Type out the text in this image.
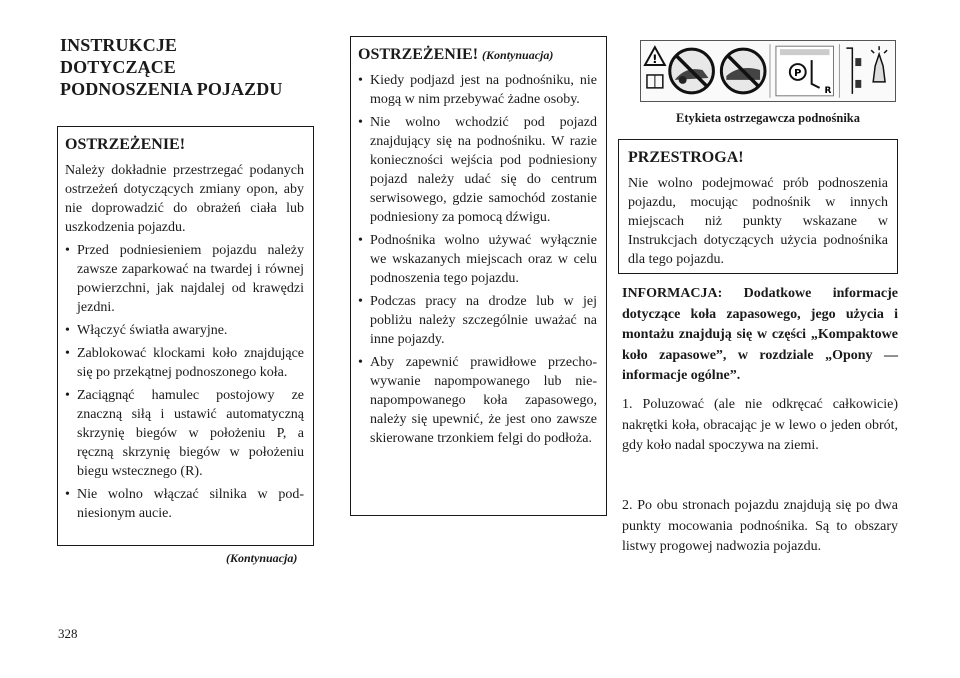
INSTRUKCJE
DOTYCZĄCE
PODNOSZENIA POJAZDU
OSTRZEŻENIE!
Należy dokładnie przestrzegać podanych ostrzeżeń dotyczących zmiany opon, aby nie doprowadzić do obrażeń ciała lub uszkodzenia pojazdu.
• Przed podniesieniem pojazdu należy zawsze zaparkować na twardej i równej powierzchni, jak najdalej od krawędzi jezdni.
• Włączyć światła awaryjne.
• Zablokować klockami koło znajdujące się po przekątnej podnoszonego koła.
• Zaciągnąć hamulec postojowy ze znaczną siłą i ustawić automatyczną skrzynię biegów w położeniu P, a ręczną skrzynię biegów w położeniu biegu wstecznego (R).
• Nie wolno włączać silnika w podniesionym aucie.
(Kontynuacja)
OSTRZEŻENIE! (Kontynuacja)
• Kiedy podjazd jest na podnośniku, nie mogą w nim przebywać żadne osoby.
• Nie wolno wchodzić pod pojazd znajdujący się na podnośniku. W razie konieczności wejścia pod podniesiony pojazd należy udać się do centrum serwisowego, gdzie samochód zostanie podniesiony za pomocą dźwigu.
• Podnośnika wolno używać wyłącznie we wskazanych miejscach oraz w celu podnoszenia tego pojazdu.
• Podczas pracy na drodze lub w jej pobliżu należy szczególnie uważać na inne pojazdy.
• Aby zapewnić prawidłowe przechowywanie napompowanego lub nienapompowanego koła zapasowego, należy się upewnić, że jest ono zawsze skierowane trzonkiem felgi do podłoża.
!
P
R
Etykieta ostrzegawcza podnośnika
PRZESTROGA!
Nie wolno podejmować prób podnoszenia pojazdu, mocując podnośnik w innych miejscach niż punkty wskazane w Instrukcjach dotyczących użycia podnośnika dla tego pojazdu.
INFORMACJA: Dodatkowe informacje dotyczące koła zapasowego, jego użycia i montażu znajdują się w części „Kompaktowe koło zapasowe”, w rozdziale „Opony — informacje ogólne”.
1. Poluzować (ale nie odkręcać całkowicie) nakrętki koła, obracając je w lewo o jeden obrót, gdy koło nadal spoczywa na ziemi.
2. Po obu stronach pojazdu znajdują się po dwa punkty mocowania podnośnika. Są to obszary listwy progowej nadwozia pojazdu.
328
